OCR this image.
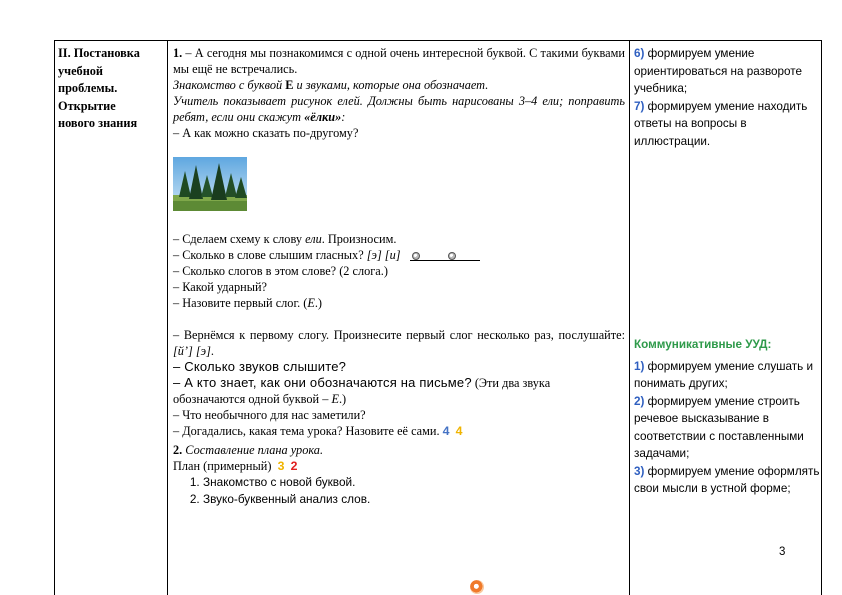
II. Постановка

учебной

проблемы.

Открытие

нового знания

1. – А сегодня мы познакомимся с одной очень интересной буквой. С такими буквами мы ещё не встречались.

Знакомство с буквой Е и звуками, которые она обозначает.

Учитель показывает рисунок елей. Должны быть нарисованы 3–4 ели; поправить ребят, если они скажут «ёлки»:

– А как можно сказать по-другому?

– Сделаем схему к слову ели. Произносим.

– Сколько в слове слышим гласных? [э] [и]

– Сколько слогов в этом слове? (2 слога.)

– Какой ударный?

– Назовите первый слог. (Е.)

– Вернёмся к первому слогу. Произнесите первый слог несколько раз, послушайте: [й’] [э].

– Сколько звуков слышите?

– А кто знает, как они обозначаются на письме? (Эти два звука обозначаются одной буквой – Е.)

– Что необычного для нас заметили?

– Догадались, какая тема урока? Назовите её сами. 4 4

2. Составление плана урока.

План (примерный) 3 2

1. Знакомство с новой буквой.
2. Звуко-буквенный анализ слов.

6) формируем умение ориентироваться на развороте учебника;

7) формируем умение находить ответы на вопросы в иллюстрации.

Коммуникативные УУД:

1) формируем умение слушать и понимать других;

2) формируем умение строить речевое высказывание в соответствии с поставленными задачами;

3) формируем умение оформлять свои мысли в устной форме;

3
